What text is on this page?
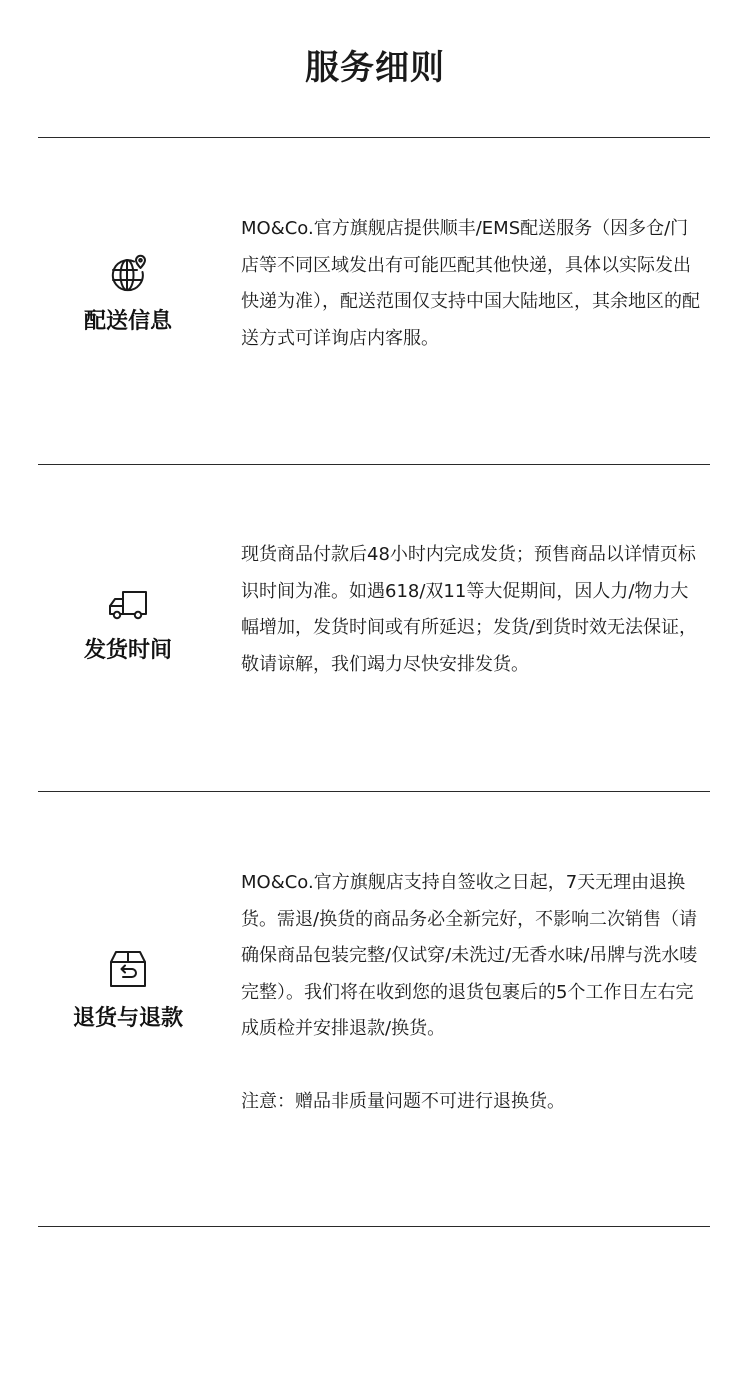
服务细则
配送信息

MO&Co.官方旗舰店提供顺丰/EMS配送服务（因多仓/门店等不同区域发出有可能匹配其他快递，具体以实际发出快递为准），配送范围仅支持中国大陆地区，其余地区的配送方式可详询店内客服。

发货时间

现货商品付款后48小时内完成发货；预售商品以详情页标识时间为准。如遇618/双11等大促期间，因人力/物力大幅增加，发货时间或有所延迟；发货/到货时效无法保证，敬请谅解，我们竭力尽快安排发货。

退货与退款

MO&Co.官方旗舰店支持自签收之日起，7天无理由退换货。需退/换货的商品务必全新完好，不影响二次销售（请确保商品包装完整/仅试穿/未洗过/无香水味/吊牌与洗水唛完整）。我们将在收到您的退货包裹后的5个工作日左右完成质检并安排退款/换货。

注意：赠品非质量问题不可进行退换货。
